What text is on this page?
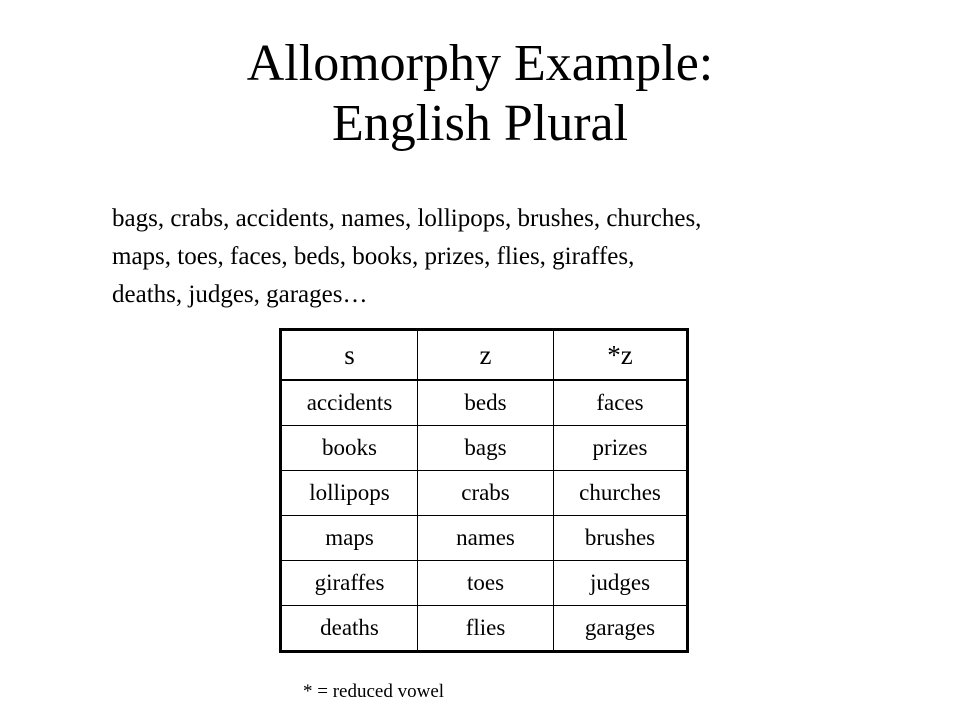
Allomorphy Example:
English Plural
bags, crabs, accidents, names, lollipops, brushes, churches,
maps, toes, faces, beds, books, prizes, flies, giraffes,
deaths, judges, garages…
s	z	*z
accidents	beds	faces
books	bags	prizes
lollipops	crabs	churches
maps	names	brushes
giraffes	toes	judges
deaths	flies	garages
* = reduced vowel
